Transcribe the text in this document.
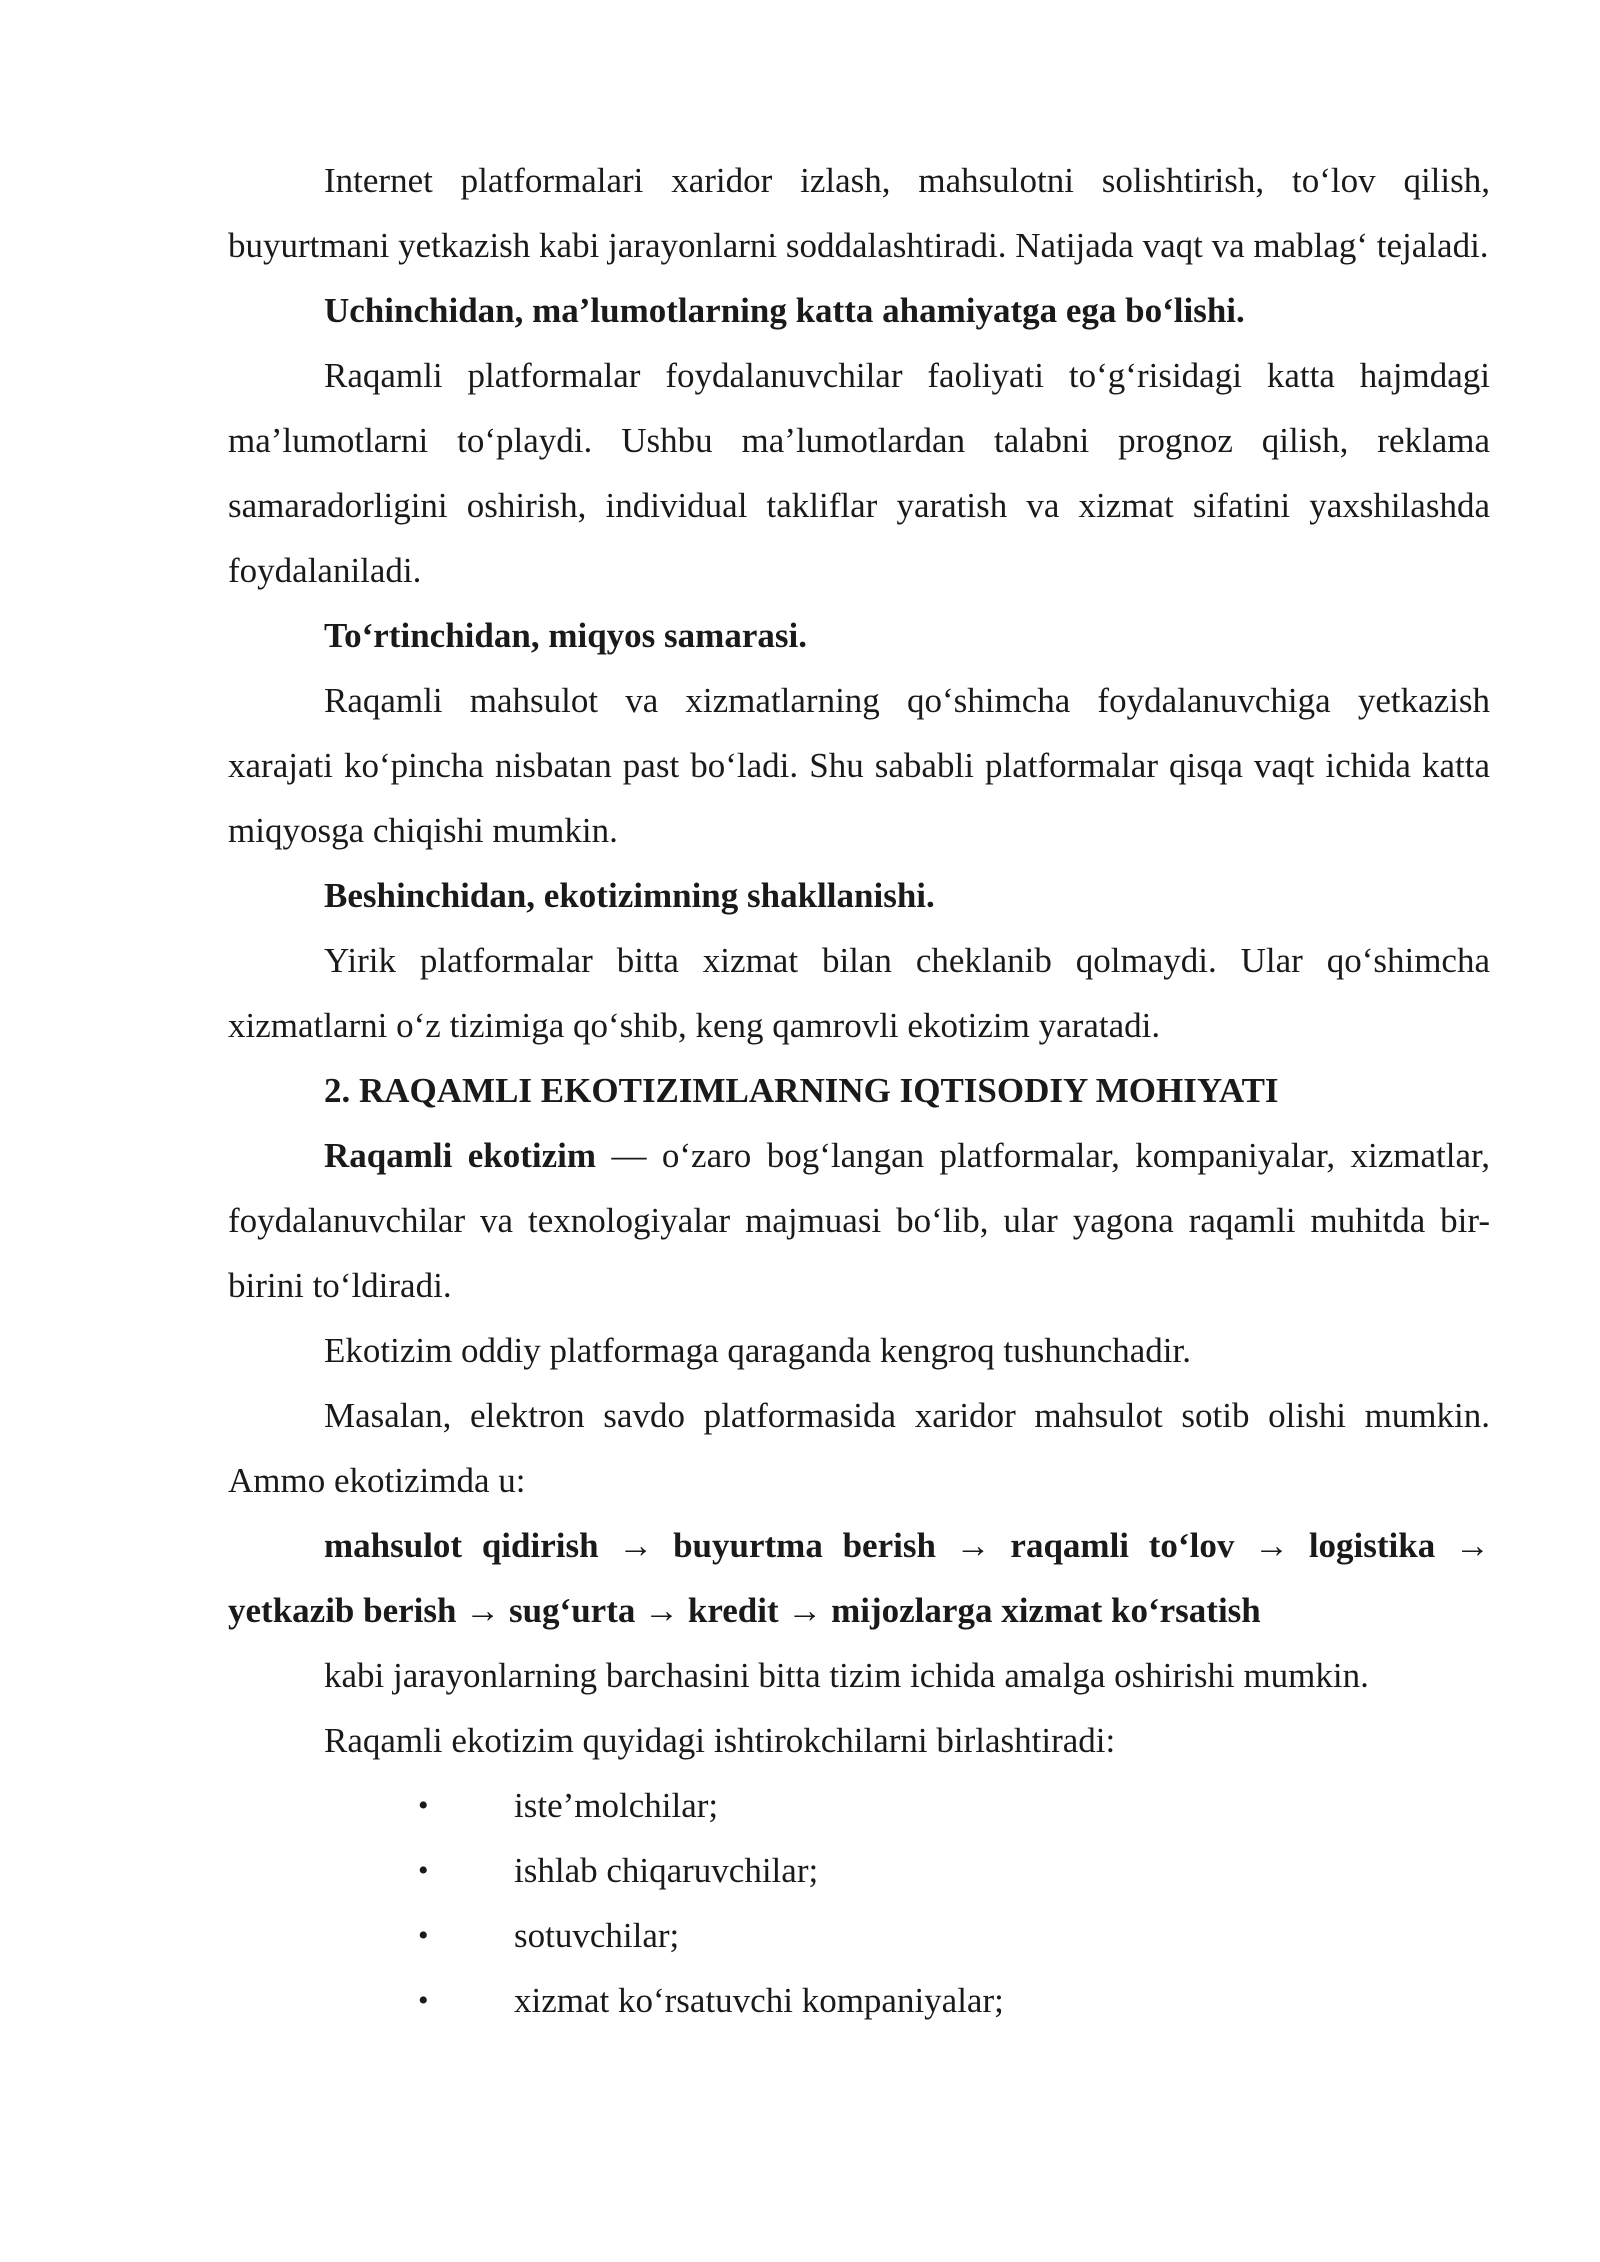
Internet platformalari xaridor izlash, mahsulotni solishtirish, to‘lov qilish, buyurtmani yetkazish kabi jarayonlarni soddalashtiradi. Natijada vaqt va mablag‘ tejaladi.

Uchinchidan, ma’lumotlarning katta ahamiyatga ega bo‘lishi.

Raqamli platformalar foydalanuvchilar faoliyati to‘g‘risidagi katta hajmdagi ma’lumotlarni to‘playdi. Ushbu ma’lumotlardan talabni prognoz qilish, reklama samaradorligini oshirish, individual takliflar yaratish va xizmat sifatini yaxshilashda foydalaniladi.

To‘rtinchidan, miqyos samarasi.

Raqamli mahsulot va xizmatlarning qo‘shimcha foydalanuvchiga yetkazish xarajati ko‘pincha nisbatan past bo‘ladi. Shu sababli platformalar qisqa vaqt ichida katta miqyosga chiqishi mumkin.

Beshinchidan, ekotizimning shakllanishi.

Yirik platformalar bitta xizmat bilan cheklanib qolmaydi. Ular qo‘shimcha xizmatlarni o‘z tizimiga qo‘shib, keng qamrovli ekotizim yaratadi.

2. RAQAMLI EKOTIZIMLARNING IQTISODIY MOHIYATI

Raqamli ekotizim — o‘zaro bog‘langan platformalar, kompaniyalar, xizmatlar, foydalanuvchilar va texnologiyalar majmuasi bo‘lib, ular yagona raqamli muhitda bir-birini to‘ldiradi.

Ekotizim oddiy platformaga qaraganda kengroq tushunchadir.

Masalan, elektron savdo platformasida xaridor mahsulot sotib olishi mumkin. Ammo ekotizimda u:

mahsulot qidirish → buyurtma berish → raqamli to‘lov → logistika → yetkazib berish → sug‘urta → kredit → mijozlarga xizmat ko‘rsatish

kabi jarayonlarning barchasini bitta tizim ichida amalga oshirishi mumkin.

Raqamli ekotizim quyidagi ishtirokchilarni birlashtiradi:

• iste’molchilar;
• ishlab chiqaruvchilar;
• sotuvchilar;
• xizmat ko‘rsatuvchi kompaniyalar;
